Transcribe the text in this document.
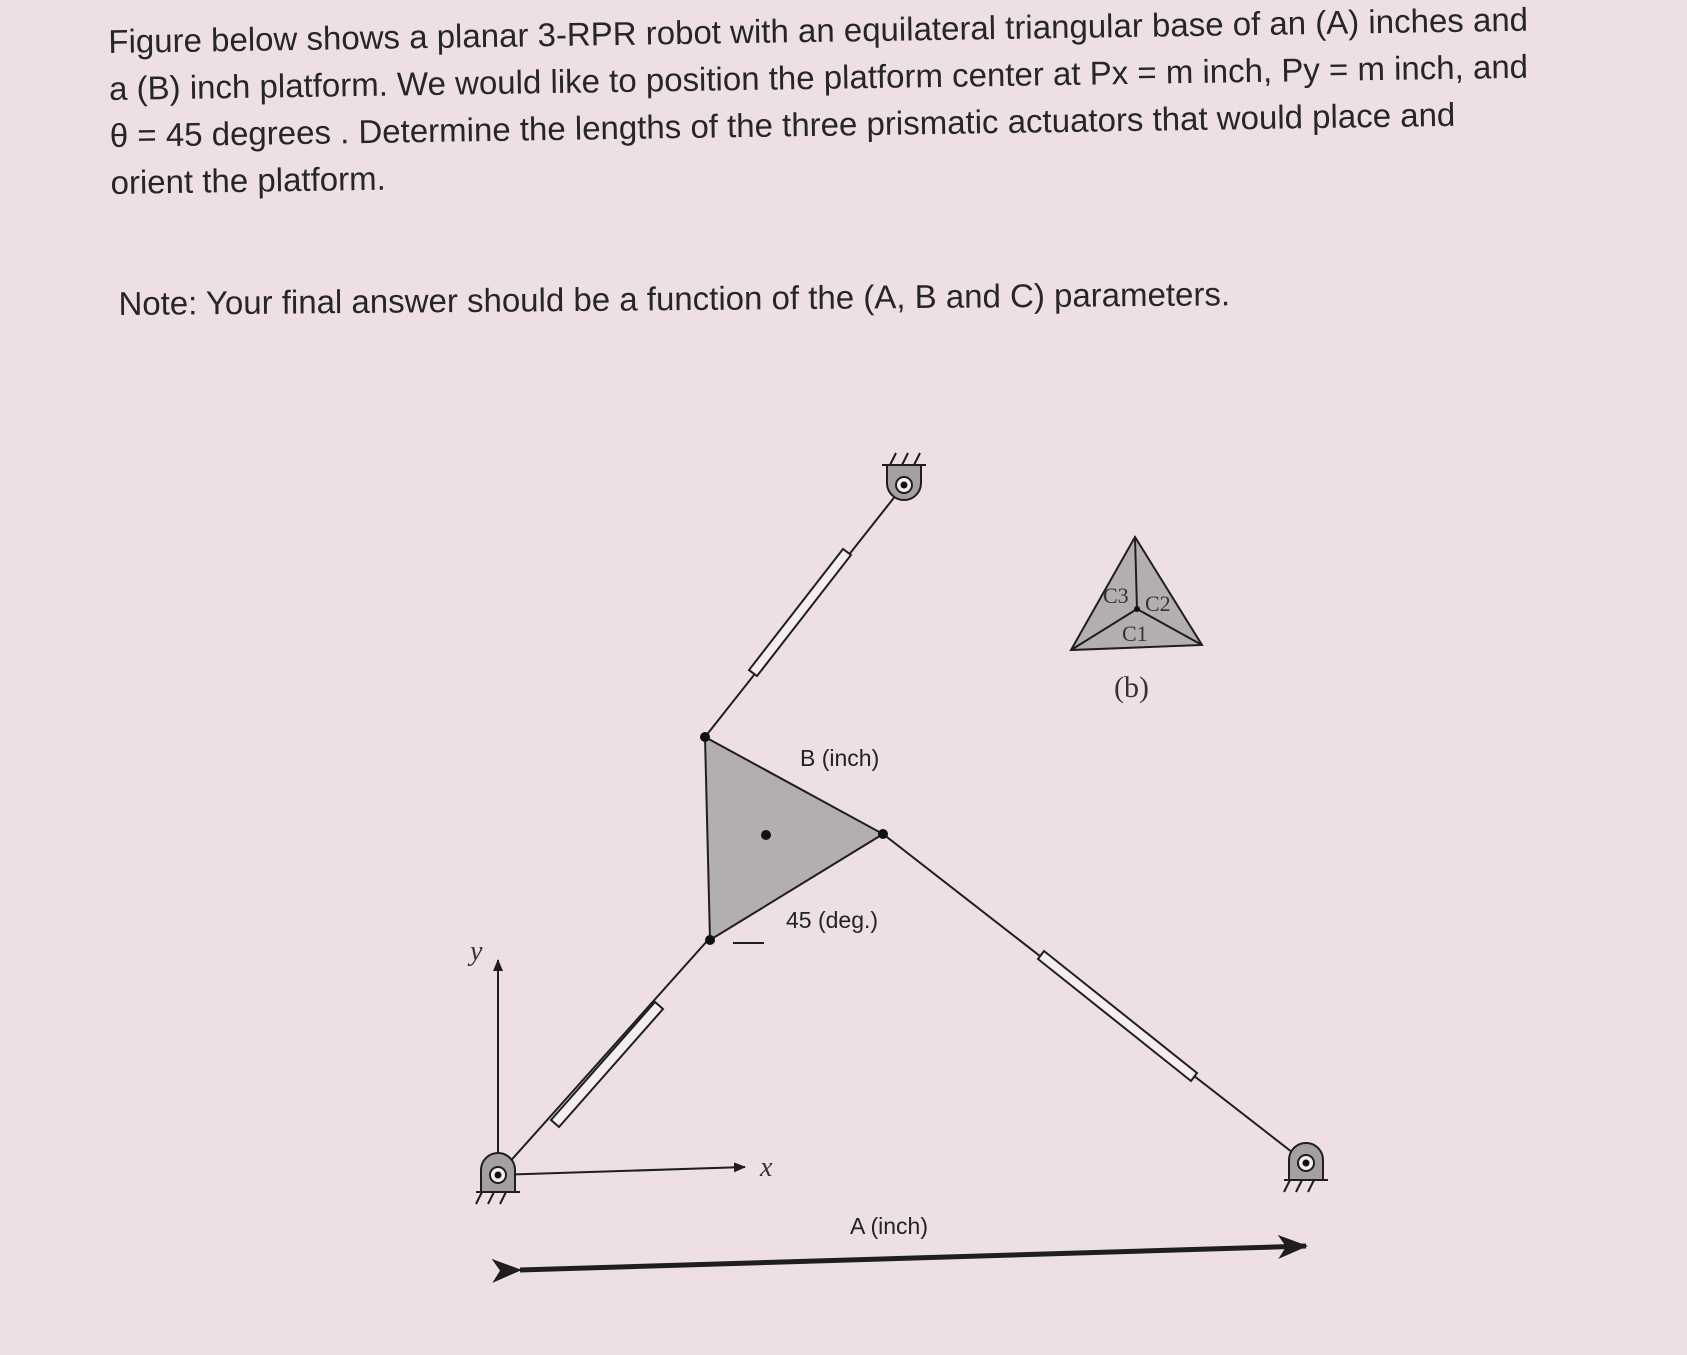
Figure below shows a planar 3-RPR robot with an equilateral triangular base of an (A) inches and a (B) inch platform. We would like to position the platform center at Px = m inch, Py = m inch, and θ = 45 degrees . Determine the lengths of the three prismatic actuators that would place and orient the platform.

Note: Your final answer should be a function of the (A, B and C) parameters.

y
x
B (inch)
45 (deg.)
A (inch)
C3 C2
C1
(b)
